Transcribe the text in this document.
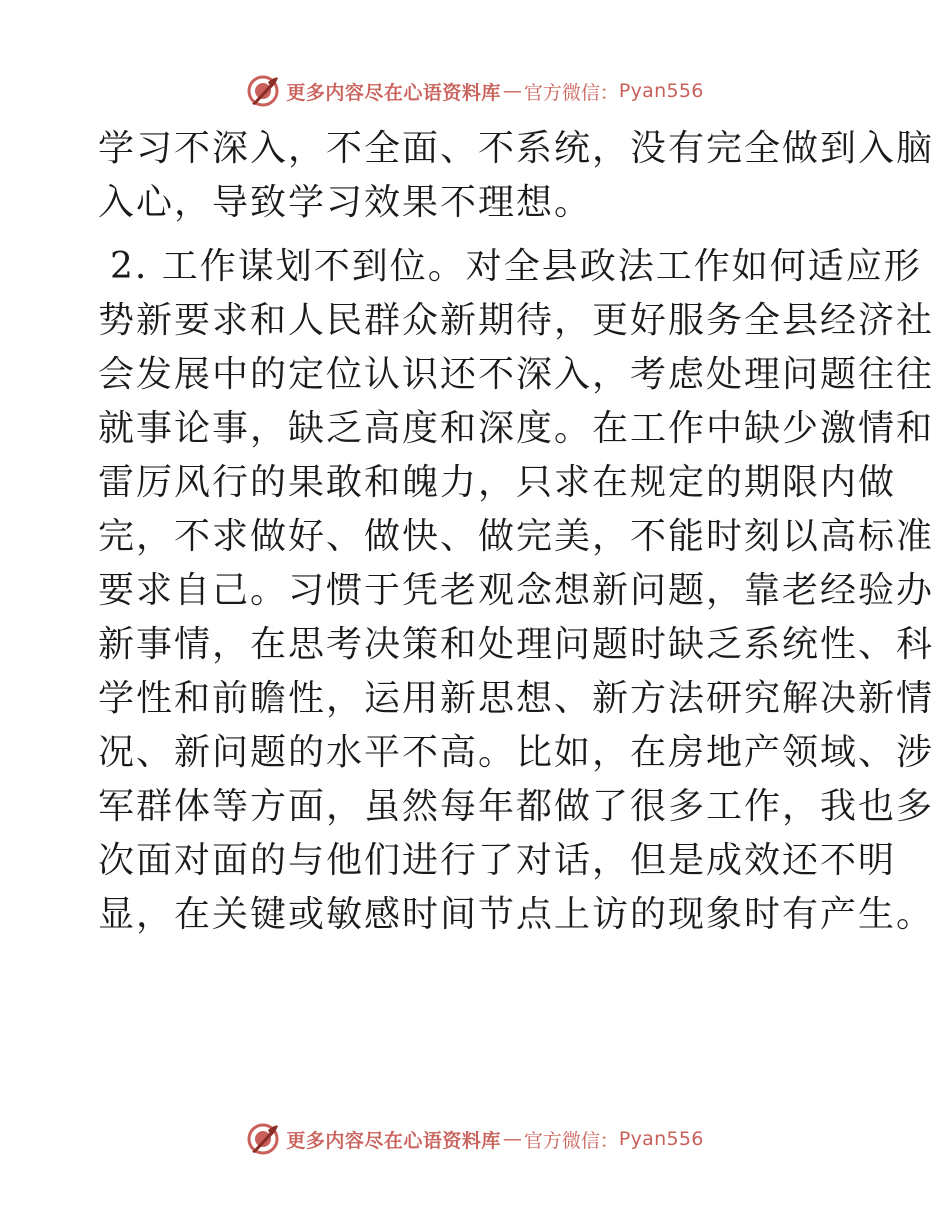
更多内容尽在心语资料库 — 官方微信： Pyan556

学习不深入，不全面、不系统，没有完全做到入脑
入心，导致学习效果不理想。

2. 工作谋划不到位。对全县政法工作如何适应形
势新要求和人民群众新期待，更好服务全县经济社
会发展中的定位认识还不深入，考虑处理问题往往
就事论事，缺乏高度和深度。在工作中缺少激情和
雷厉风行的果敢和魄力，只求在规定的期限内做
完，不求做好、做快、做完美，不能时刻以高标准
要求自己。习惯于凭老观念想新问题，靠老经验办
新事情，在思考决策和处理问题时缺乏系统性、科
学性和前瞻性，运用新思想、新方法研究解决新情
况、新问题的水平不高。比如，在房地产领域、涉
军群体等方面，虽然每年都做了很多工作，我也多
次面对面的与他们进行了对话，但是成效还不明
显，在关键或敏感时间节点上访的现象时有产生。

更多内容尽在心语资料库 — 官方微信： Pyan556
